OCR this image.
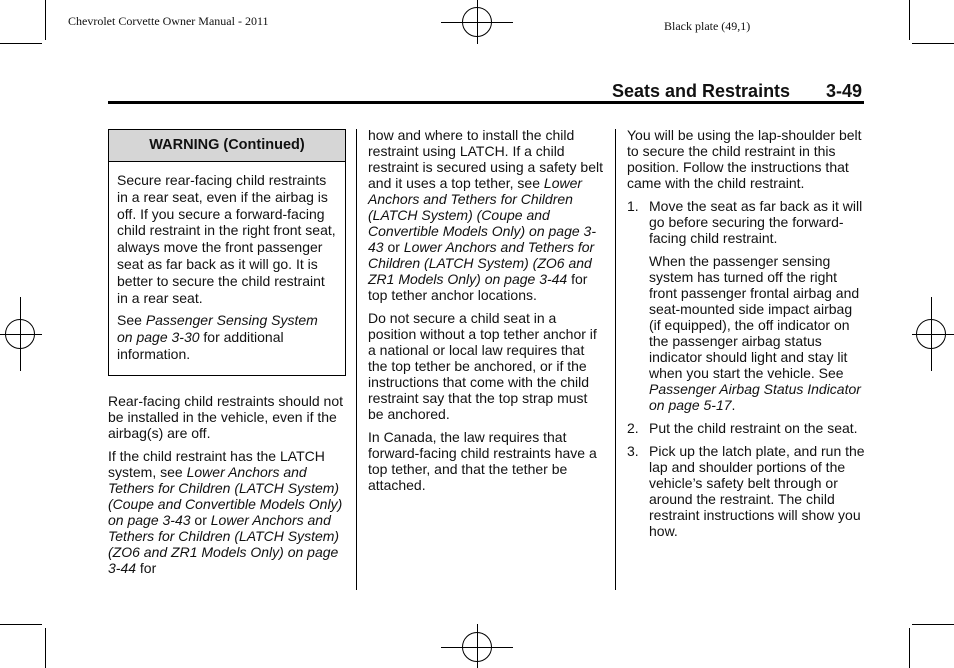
Chevrolet Corvette Owner Manual - 2011	Black plate (49,1)
Seats and Restraints 3-49
WARNING (Continued)

Secure rear-facing child restraints in a rear seat, even if the airbag is off. If you secure a forward-facing child restraint in the right front seat, always move the front passenger seat as far back as it will go. It is better to secure the child restraint in a rear seat.

See Passenger Sensing System on page 3-30 for additional information.

Rear-facing child restraints should not be installed in the vehicle, even if the airbag(s) are off.

If the child restraint has the LATCH system, see Lower Anchors and Tethers for Children (LATCH System) (Coupe and Convertible Models Only) on page 3-43 or Lower Anchors and Tethers for Children (LATCH System) (ZO6 and ZR1 Models Only) on page 3-44 for

how and where to install the child restraint using LATCH. If a child restraint is secured using a safety belt and it uses a top tether, see Lower Anchors and Tethers for Children (LATCH System) (Coupe and Convertible Models Only) on page 3-43 or Lower Anchors and Tethers for Children (LATCH System) (ZO6 and ZR1 Models Only) on page 3-44 for top tether anchor locations.

Do not secure a child seat in a position without a top tether anchor if a national or local law requires that the top tether be anchored, or if the instructions that come with the child restraint say that the top strap must be anchored.

In Canada, the law requires that forward-facing child restraints have a top tether, and that the tether be attached.

You will be using the lap-shoulder belt to secure the child restraint in this position. Follow the instructions that came with the child restraint.

1. Move the seat as far back as it will go before securing the forward-facing child restraint.

When the passenger sensing system has turned off the right front passenger frontal airbag and seat-mounted side impact airbag (if equipped), the off indicator on the passenger airbag status indicator should light and stay lit when you start the vehicle. See Passenger Airbag Status Indicator on page 5-17.

2. Put the child restraint on the seat.

3. Pick up the latch plate, and run the lap and shoulder portions of the vehicle’s safety belt through or around the restraint. The child restraint instructions will show you how.
